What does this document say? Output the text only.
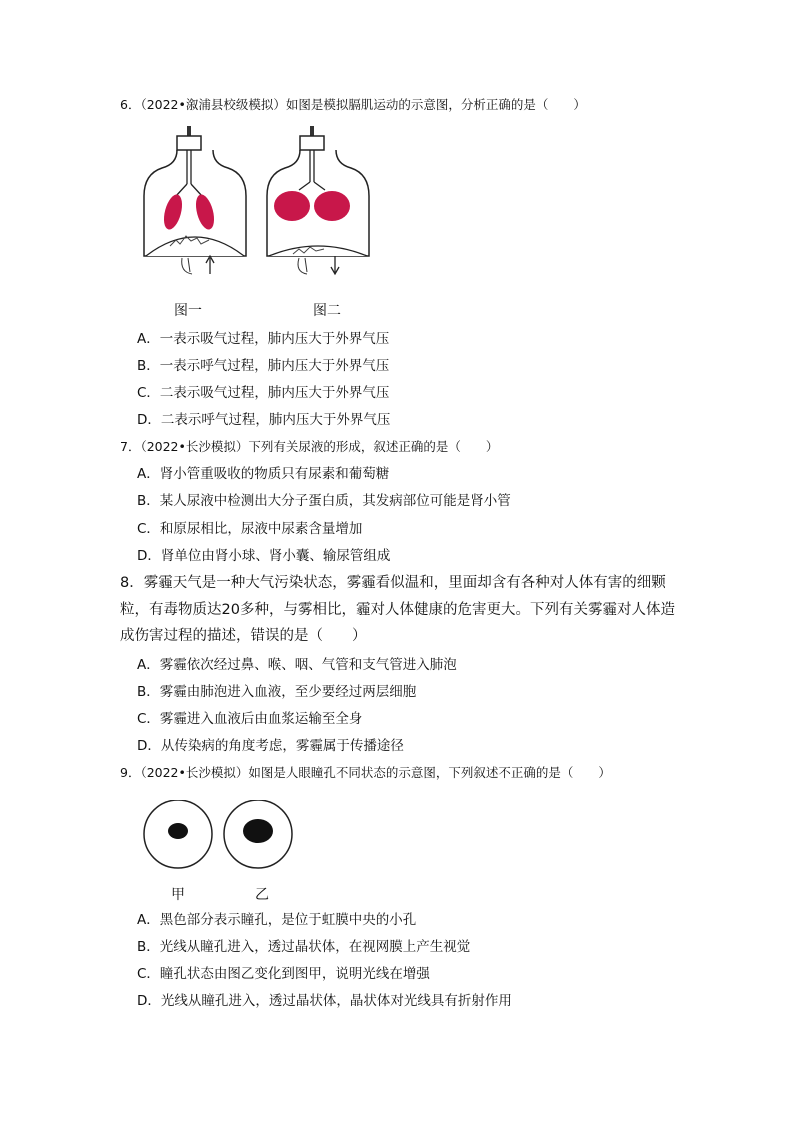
6．（2022•溆浦县校级模拟）如图是模拟膈肌运动的示意图，分析正确的是（　　）
图一	图二
A．一表示吸气过程，肺内压大于外界气压
B．一表示呼气过程，肺内压大于外界气压
C．二表示吸气过程，肺内压大于外界气压
D．二表示呼气过程，肺内压大于外界气压
7．（2022•长沙模拟）下列有关尿液的形成，叙述正确的是（　　）
A．肾小管重吸收的物质只有尿素和葡萄糖
B．某人尿液中检测出大分子蛋白质，其发病部位可能是肾小管
C．和原尿相比，尿液中尿素含量增加
D．肾单位由肾小球、肾小囊、输尿管组成
8．雾霾天气是一种大气污染状态，雾霾看似温和，里面却含有各种对人体有害的细颗粒，有毒物质达20多种，与雾相比，霾对人体健康的危害更大。下列有关雾霾对人体造成伤害过程的描述，错误的是（　　）
A．雾霾依次经过鼻、喉、咽、气管和支气管进入肺泡
B．雾霾由肺泡进入血液，至少要经过两层细胞
C．雾霾进入血液后由血浆运输至全身
D．从传染病的角度考虑，雾霾属于传播途径
9．（2022•长沙模拟）如图是人眼瞳孔不同状态的示意图，下列叙述不正确的是（　　）
甲	乙
A．黑色部分表示瞳孔，是位于虹膜中央的小孔
B．光线从瞳孔进入，透过晶状体，在视网膜上产生视觉
C．瞳孔状态由图乙变化到图甲，说明光线在增强
D．光线从瞳孔进入，透过晶状体，晶状体对光线具有折射作用
